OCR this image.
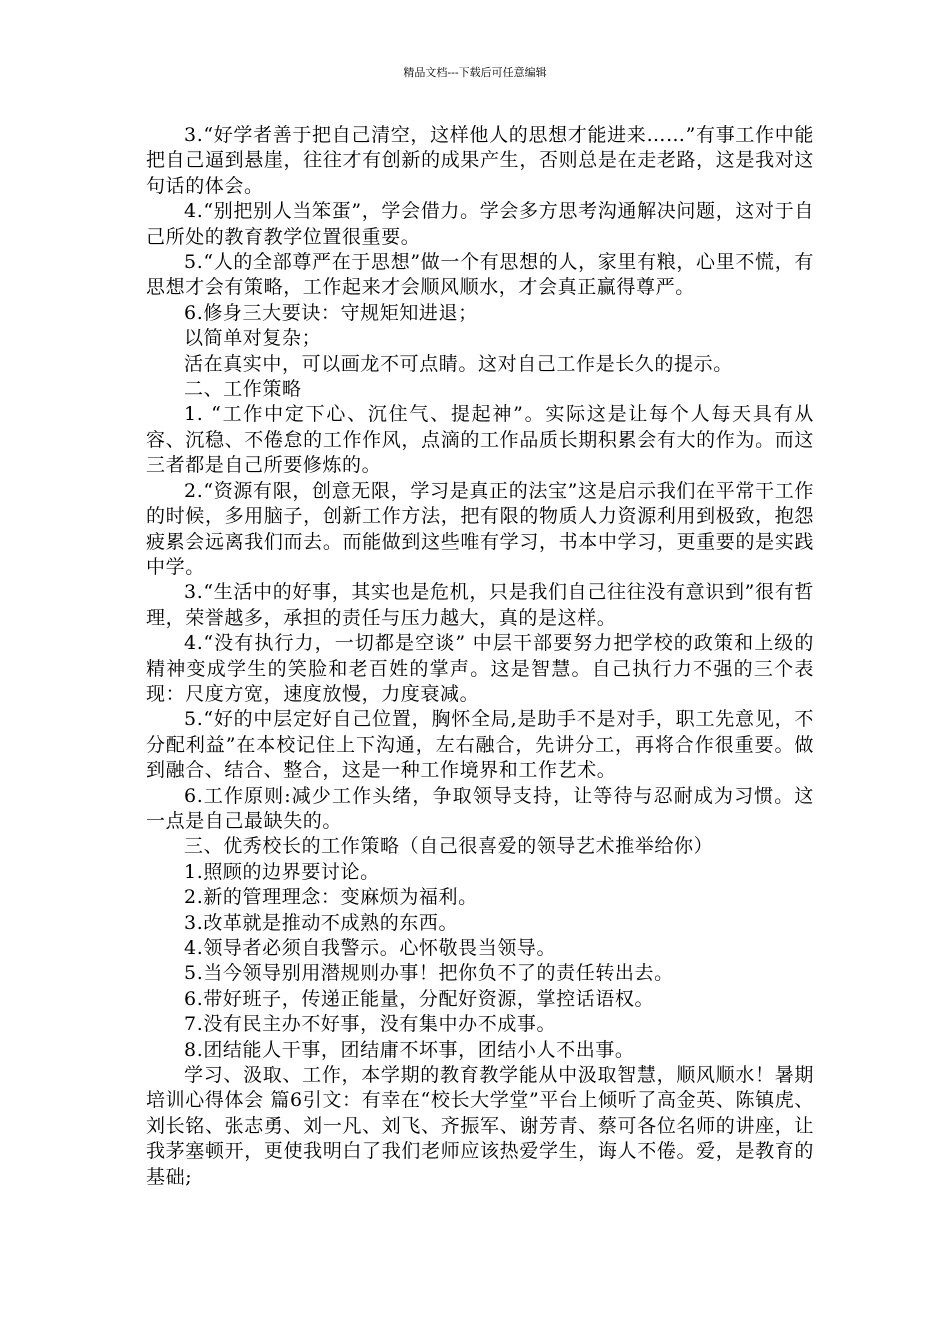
精品文档---下载后可任意编辑

3.“好学者善于把自己清空，这样他人的思想才能进来……”有事工作中能把自己逼到悬崖，往往才有创新的成果产生，否则总是在走老路，这是我对这句话的体会。

4.“别把别人当笨蛋”，学会借力。学会多方思考沟通解决问题，这对于自己所处的教育教学位置很重要。

5.“人的全部尊严在于思想”做一个有思想的人，家里有粮，心里不慌，有思想才会有策略，工作起来才会顺风顺水，才会真正赢得尊严。

6.修身三大要诀：守规矩知进退；

以简单对复杂；

活在真实中，可以画龙不可点睛。这对自己工作是长久的提示。

二、工作策略

1. “工作中定下心、沉住气、提起神”。实际这是让每个人每天具有从容、沉稳、不倦怠的工作作风，点滴的工作品质长期积累会有大的作为。而这三者都是自己所要修炼的。

2.“资源有限，创意无限，学习是真正的法宝”这是启示我们在平常干工作的时候，多用脑子，创新工作方法，把有限的物质人力资源利用到极致，抱怨疲累会远离我们而去。而能做到这些唯有学习，书本中学习，更重要的是实践中学。

3.“生活中的好事，其实也是危机，只是我们自己往往没有意识到”很有哲理，荣誉越多，承担的责任与压力越大，真的是这样。

4.“没有执行力，一切都是空谈” 中层干部要努力把学校的政策和上级的精神变成学生的笑脸和老百姓的掌声。这是智慧。自己执行力不强的三个表现：尺度方宽，速度放慢，力度衰减。

5.“好的中层定好自己位置，胸怀全局,是助手不是对手，职工先意见，不分配利益”在本校记住上下沟通，左右融合，先讲分工，再将合作很重要。做到融合、结合、整合，这是一种工作境界和工作艺术。

6.工作原则:减少工作头绪，争取领导支持，让等待与忍耐成为习惯。这一点是自己最缺失的。

三、优秀校长的工作策略（自己很喜爱的领导艺术推举给你）

1.照顾的边界要讨论。

2.新的管理理念：变麻烦为福利。

3.改革就是推动不成熟的东西。

4.领导者必须自我警示。心怀敬畏当领导。

5.当今领导别用潜规则办事！把你负不了的责任转出去。

6.带好班子，传递正能量，分配好资源，掌控话语权。

7.没有民主办不好事，没有集中办不成事。

8.团结能人干事，团结庸不坏事，团结小人不出事。

学习、汲取、工作，本学期的教育教学能从中汲取智慧，顺风顺水！暑期培训心得体会 篇6引文：有幸在“校长大学堂”平台上倾听了高金英、陈镇虎、刘长铭、张志勇、刘一凡、刘飞、齐振军、谢芳青、蔡可各位名师的讲座，让我茅塞顿开，更使我明白了我们老师应该热爱学生，诲人不倦。爱，是教育的基础;
